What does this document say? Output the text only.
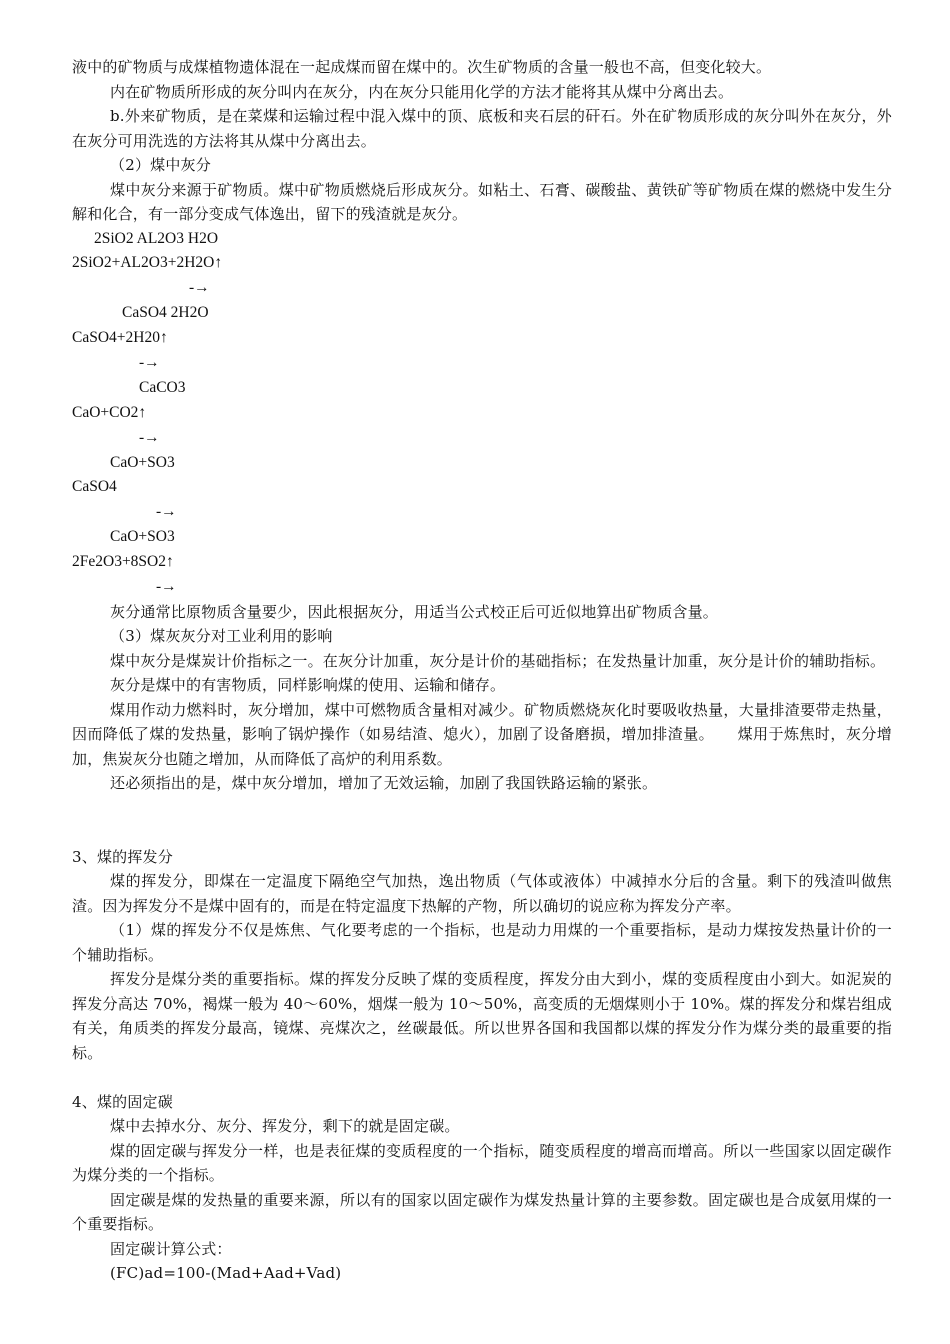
液中的矿物质与成煤植物遗体混在一起成煤而留在煤中的。次生矿物质的含量一般也不高，但变化较大。

内在矿物质所形成的灰分叫内在灰分，内在灰分只能用化学的方法才能将其从煤中分离出去。

b.外来矿物质，是在菜煤和运输过程中混入煤中的顶、底板和夹石层的矸石。外在矿物质形成的灰分叫外在灰分，外在灰分可用洗选的方法将其从煤中分离出去。

（2）煤中灰分

煤中灰分来源于矿物质。煤中矿物质燃烧后形成灰分。如粘土、石膏、碳酸盐、黄铁矿等矿物质在煤的燃烧中发生分解和化合，有一部分变成气体逸出，留下的残渣就是灰分。

2SiO2 AL2O3 H2O
2SiO2+AL2O3+2H2O↑
-→
CaSO4 2H2O
CaSO4+2H20↑
-→
CaCO3
CaO+CO2↑
-→
CaO+SO3
CaSO4
-→
CaO+SO3
2Fe2O3+8SO2↑
-→

灰分通常比原物质含量要少，因此根据灰分，用适当公式校正后可近似地算出矿物质含量。

（3）煤灰灰分对工业利用的影响

煤中灰分是煤炭计价指标之一。在灰分计加重，灰分是计价的基础指标；在发热量计加重，灰分是计价的辅助指标。

灰分是煤中的有害物质，同样影响煤的使用、运输和储存。

煤用作动力燃料时，灰分增加，煤中可燃物质含量相对减少。矿物质燃烧灰化时要吸收热量，大量排渣要带走热量，因而降低了煤的发热量，影响了锅炉操作（如易结渣、熄火），加剧了设备磨损，增加排渣量。　　煤用于炼焦时，灰分增加，焦炭灰分也随之增加，从而降低了高炉的利用系数。

还必须指出的是，煤中灰分增加，增加了无效运输，加剧了我国铁路运输的紧张。

3、煤的挥发分

煤的挥发分，即煤在一定温度下隔绝空气加热，逸出物质（气体或液体）中减掉水分后的含量。剩下的残渣叫做焦渣。因为挥发分不是煤中固有的，而是在特定温度下热解的产物，所以确切的说应称为挥发分产率。

（1）煤的挥发分不仅是炼焦、气化要考虑的一个指标，也是动力用煤的一个重要指标，是动力煤按发热量计价的一个辅助指标。

挥发分是煤分类的重要指标。煤的挥发分反映了煤的变质程度，挥发分由大到小，煤的变质程度由小到大。如泥炭的挥发分高达 70%，褐煤一般为 40～60%，烟煤一般为 10～50%，高变质的无烟煤则小于 10%。煤的挥发分和煤岩组成有关，角质类的挥发分最高，镜煤、亮煤次之，丝碳最低。所以世界各国和我国都以煤的挥发分作为煤分类的最重要的指标。

4、煤的固定碳

煤中去掉水分、灰分、挥发分，剩下的就是固定碳。

煤的固定碳与挥发分一样，也是表征煤的变质程度的一个指标，随变质程度的增高而增高。所以一些国家以固定碳作为煤分类的一个指标。

固定碳是煤的发热量的重要来源，所以有的国家以固定碳作为煤发热量计算的主要参数。固定碳也是合成氨用煤的一个重要指标。

固定碳计算公式：

(FC)ad=100-(Mad+Aad+Vad)
